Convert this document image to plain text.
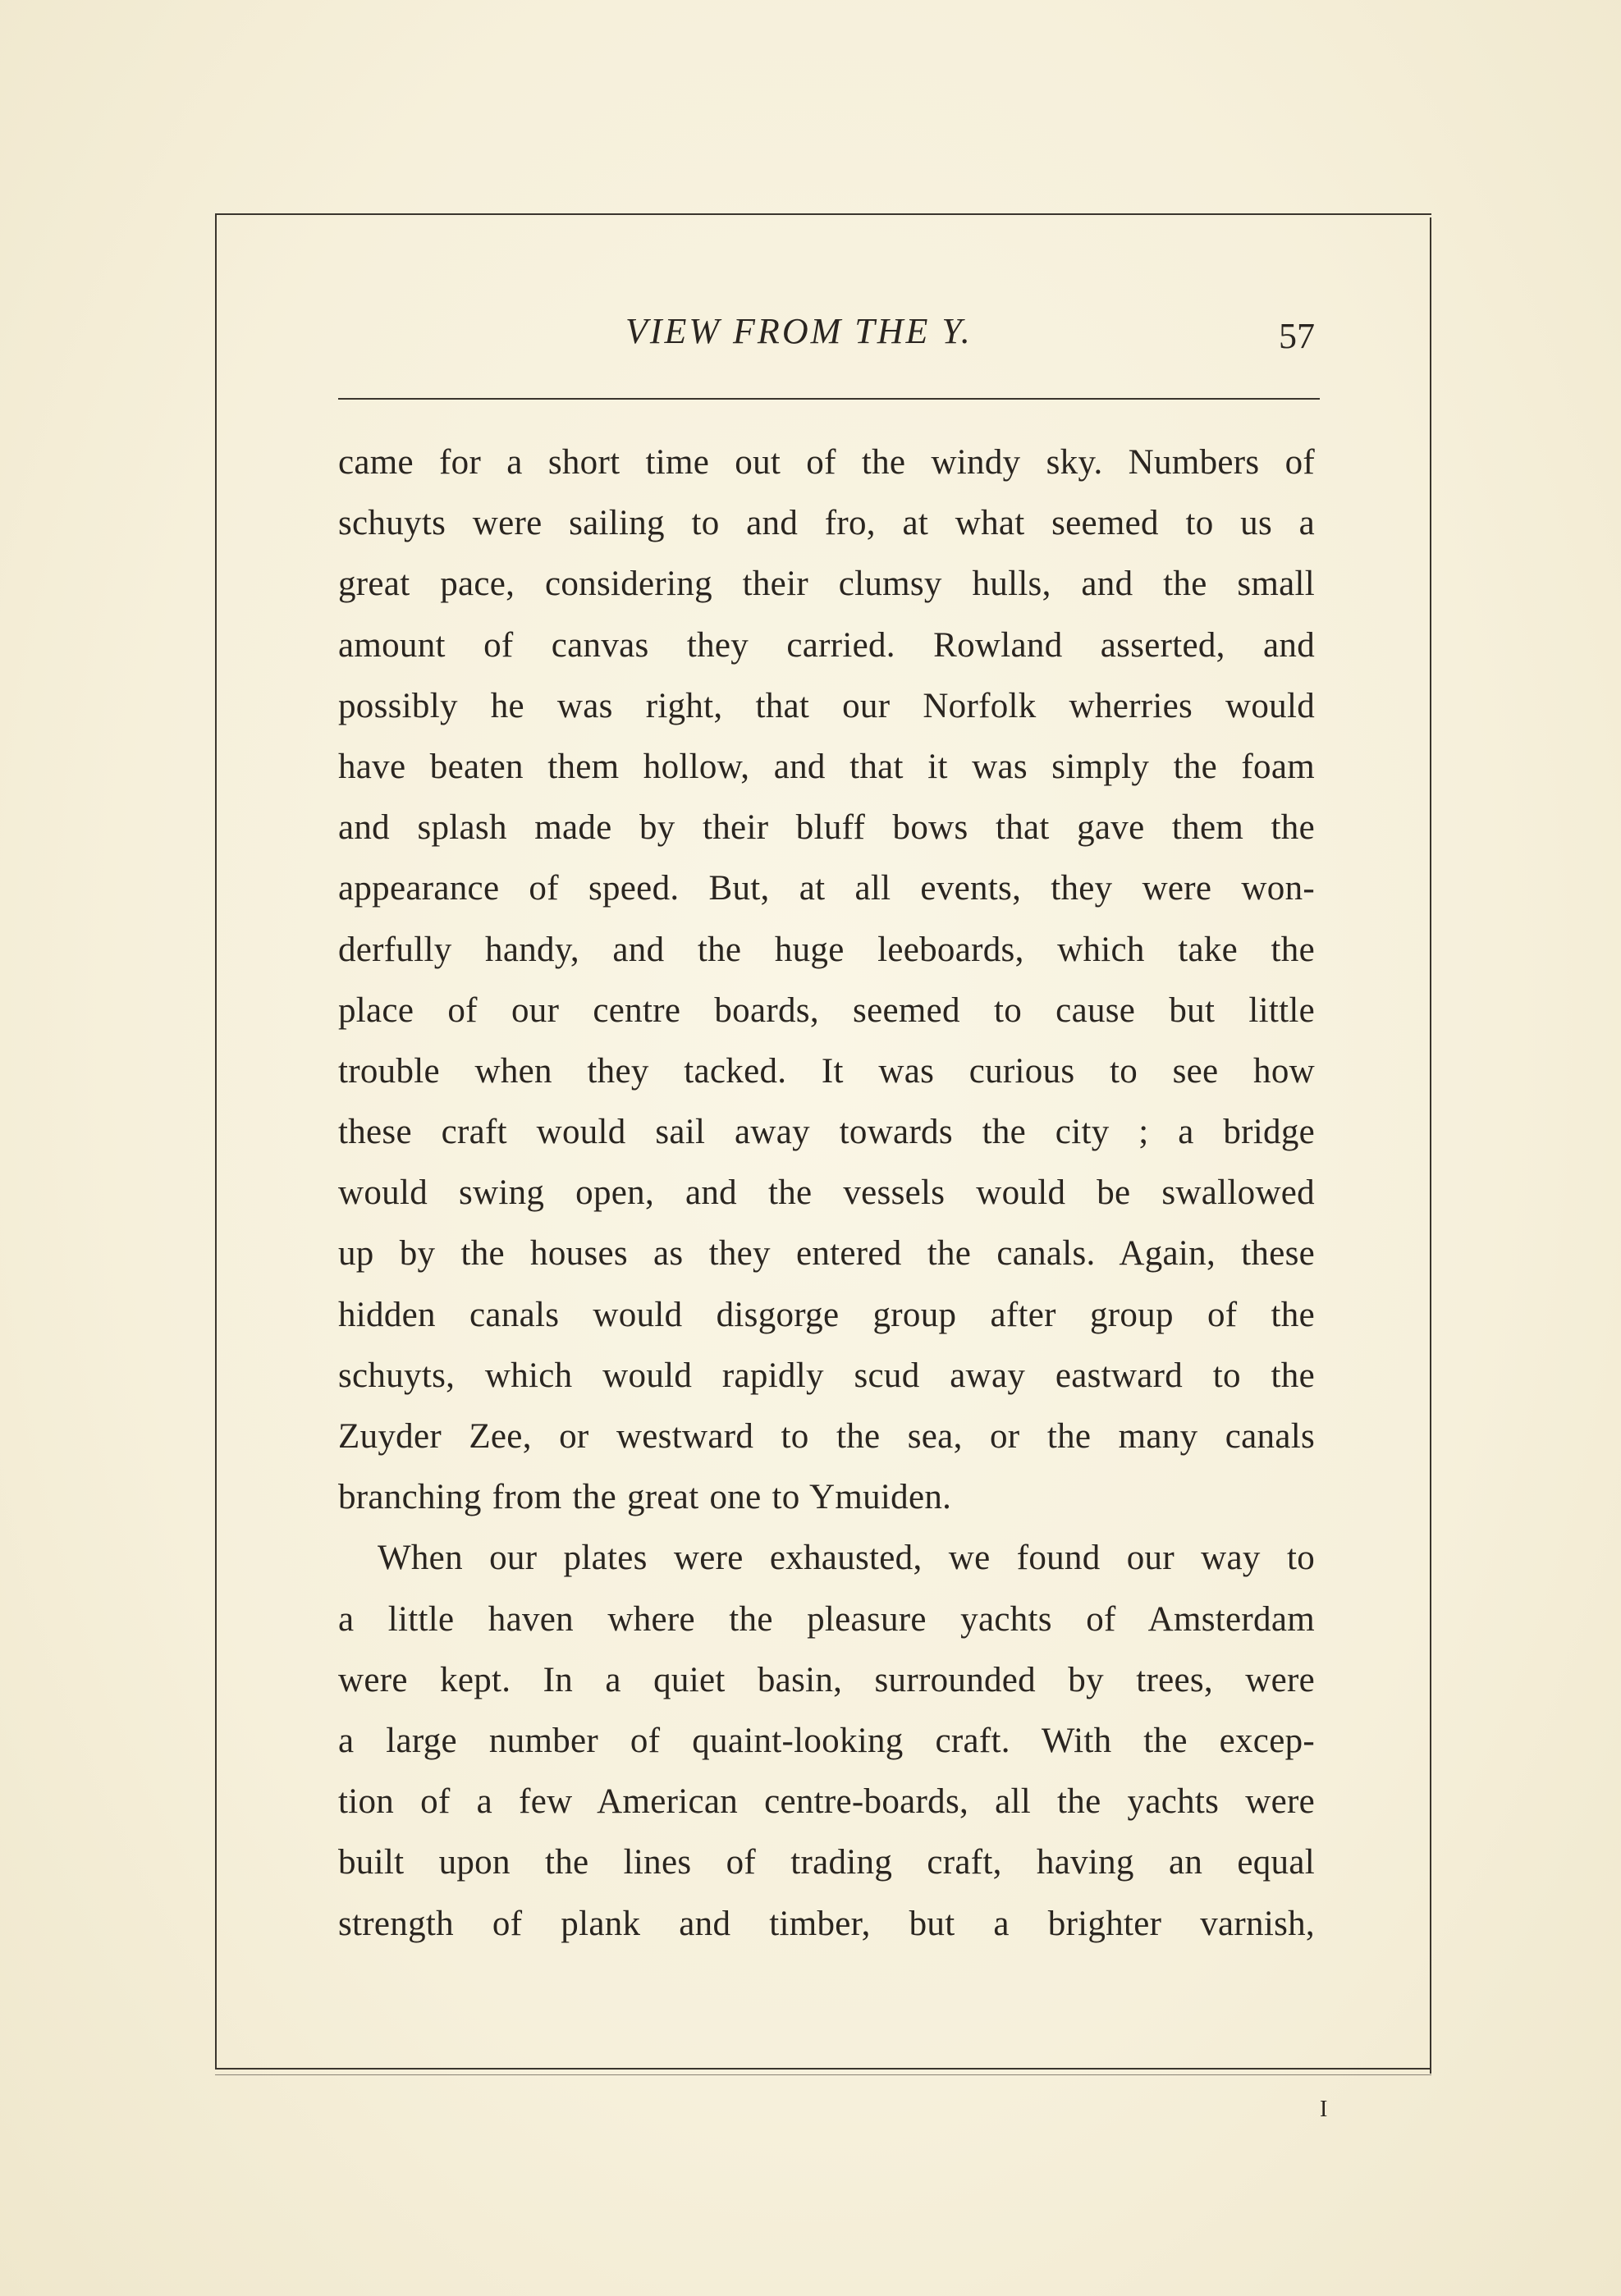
VIEW FROM THE Y.	57
came for a short time out of the windy sky. Numbers of
schuyts were sailing to and fro, at what seemed to us a
great pace, considering their clumsy hulls, and the small
amount of canvas they carried. Rowland asserted, and
possibly he was right, that our Norfolk wherries would
have beaten them hollow, and that it was simply the foam
and splash made by their bluff bows that gave them the
appearance of speed. But, at all events, they were won-
derfully handy, and the huge leeboards, which take the
place of our centre boards, seemed to cause but little
trouble when they tacked. It was curious to see how
these craft would sail away towards the city ; a bridge
would swing open, and the vessels would be swallowed
up by the houses as they entered the canals. Again, these
hidden canals would disgorge group after group of the
schuyts, which would rapidly scud away eastward to the
Zuyder Zee, or westward to the sea, or the many canals
branching from the great one to Ymuiden.
When our plates were exhausted, we found our way to
a little haven where the pleasure yachts of Amsterdam
were kept. In a quiet basin, surrounded by trees, were
a large number of quaint-looking craft. With the excep-
tion of a few American centre-boards, all the yachts were
built upon the lines of trading craft, having an equal
strength of plank and timber, but a brighter varnish,
I
